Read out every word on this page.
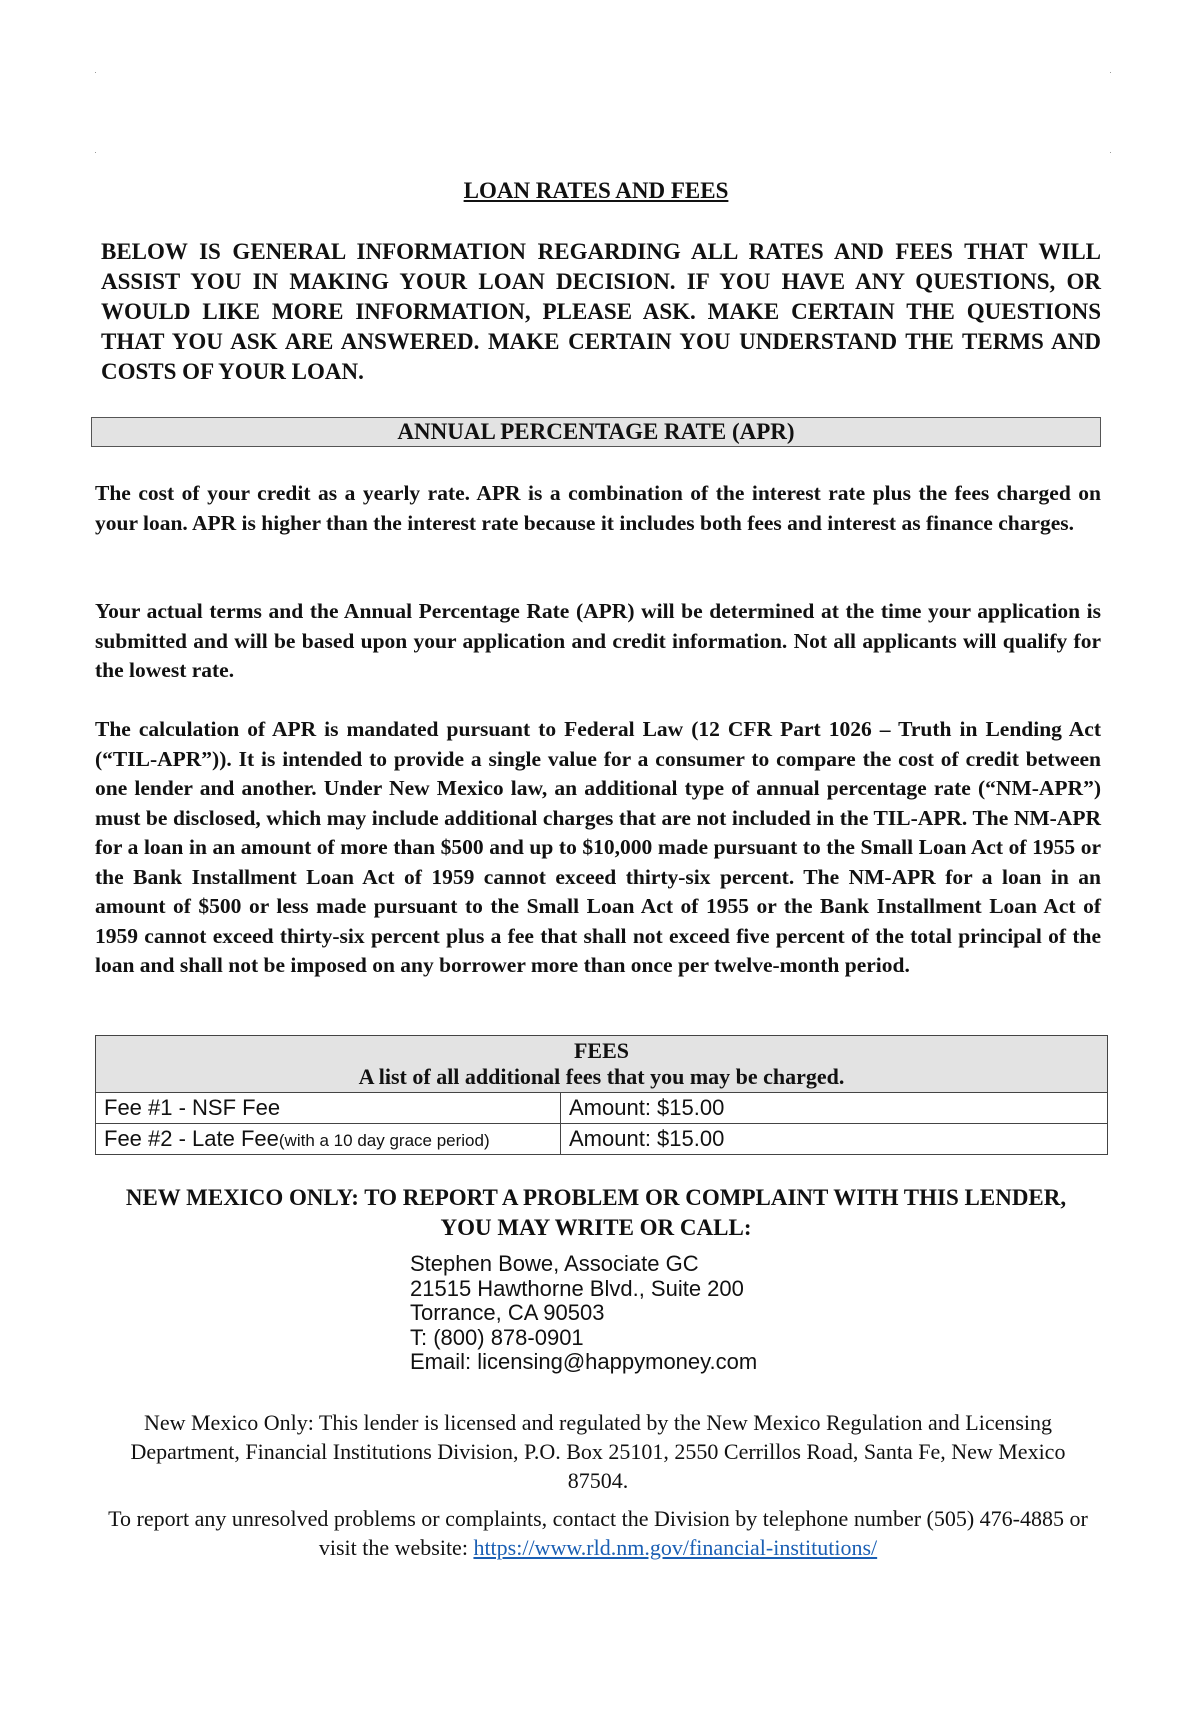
LOAN RATES AND FEES
BELOW IS GENERAL INFORMATION REGARDING ALL RATES AND FEES THAT WILL ASSIST YOU IN MAKING YOUR LOAN DECISION. IF YOU HAVE ANY QUESTIONS, OR WOULD LIKE MORE INFORMATION, PLEASE ASK. MAKE CERTAIN THE QUESTIONS THAT YOU ASK ARE ANSWERED. MAKE CERTAIN YOU UNDERSTAND THE TERMS AND COSTS OF YOUR LOAN.
ANNUAL PERCENTAGE RATE (APR)
The cost of your credit as a yearly rate. APR is a combination of the interest rate plus the fees charged on your loan. APR is higher than the interest rate because it includes both fees and interest as finance charges.
Your actual terms and the Annual Percentage Rate (APR) will be determined at the time your application is submitted and will be based upon your application and credit information. Not all applicants will qualify for the lowest rate.
The calculation of APR is mandated pursuant to Federal Law (12 CFR Part 1026 – Truth in Lending Act (“TIL-APR”)). It is intended to provide a single value for a consumer to compare the cost of credit between one lender and another. Under New Mexico law, an additional type of annual percentage rate (“NM-APR”) must be disclosed, which may include additional charges that are not included in the TIL-APR. The NM-APR for a loan in an amount of more than $500 and up to $10,000 made pursuant to the Small Loan Act of 1955 or the Bank Installment Loan Act of 1959 cannot exceed thirty-six percent. The NM-APR for a loan in an amount of $500 or less made pursuant to the Small Loan Act of 1955 or the Bank Installment Loan Act of 1959 cannot exceed thirty-six percent plus a fee that shall not exceed five percent of the total principal of the loan and shall not be imposed on any borrower more than once per twelve-month period.
FEES
A list of all additional fees that you may be charged.	

Fee #1 - NSF Fee	Amount: $15.00
Fee #2 - Late Fee(with a 10 day grace period)	Amount: $15.00
NEW MEXICO ONLY: TO REPORT A PROBLEM OR COMPLAINT WITH THIS LENDER,
YOU MAY WRITE OR CALL:
Stephen Bowe, Associate GC
21515 Hawthorne Blvd., Suite 200
Torrance, CA 90503
T: (800) 878-0901
Email: licensing@happymoney.com
New Mexico Only: This lender is licensed and regulated by the New Mexico Regulation and Licensing Department, Financial Institutions Division, P.O. Box 25101, 2550 Cerrillos Road, Santa Fe, New Mexico 87504.
To report any unresolved problems or complaints, contact the Division by telephone number (505) 476-4885 or visit the website: https://www.rld.nm.gov/financial-institutions/
